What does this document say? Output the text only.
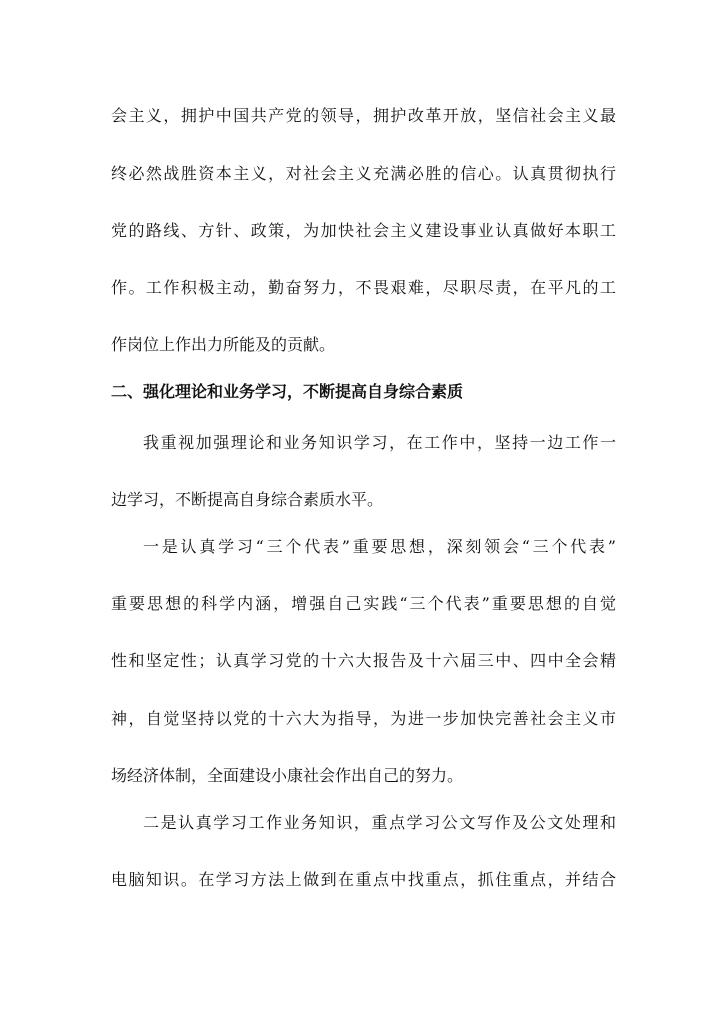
会主义，拥护中国共产党的领导，拥护改革开放，坚信社会主义最
终必然战胜资本主义，对社会主义充满必胜的信心。认真贯彻执行
党的路线、方针、政策，为加快社会主义建设事业认真做好本职工
作。工作积极主动，勤奋努力，不畏艰难，尽职尽责，在平凡的工
作岗位上作出力所能及的贡献。
二、强化理论和业务学习，不断提高自身综合素质
我重视加强理论和业务知识学习，在工作中，坚持一边工作一
边学习，不断提高自身综合素质水平。
一是认真学习“三个代表”重要思想，深刻领会“三个代表”
重要思想的科学内涵，增强自己实践“三个代表”重要思想的自觉
性和坚定性；认真学习党的十六大报告及十六届三中、四中全会精
神，自觉坚持以党的十六大为指导，为进一步加快完善社会主义市
场经济体制，全面建设小康社会作出自己的努力。
二是认真学习工作业务知识，重点学习公文写作及公文处理和
电脑知识。在学习方法上做到在重点中找重点，抓住重点，并结合
